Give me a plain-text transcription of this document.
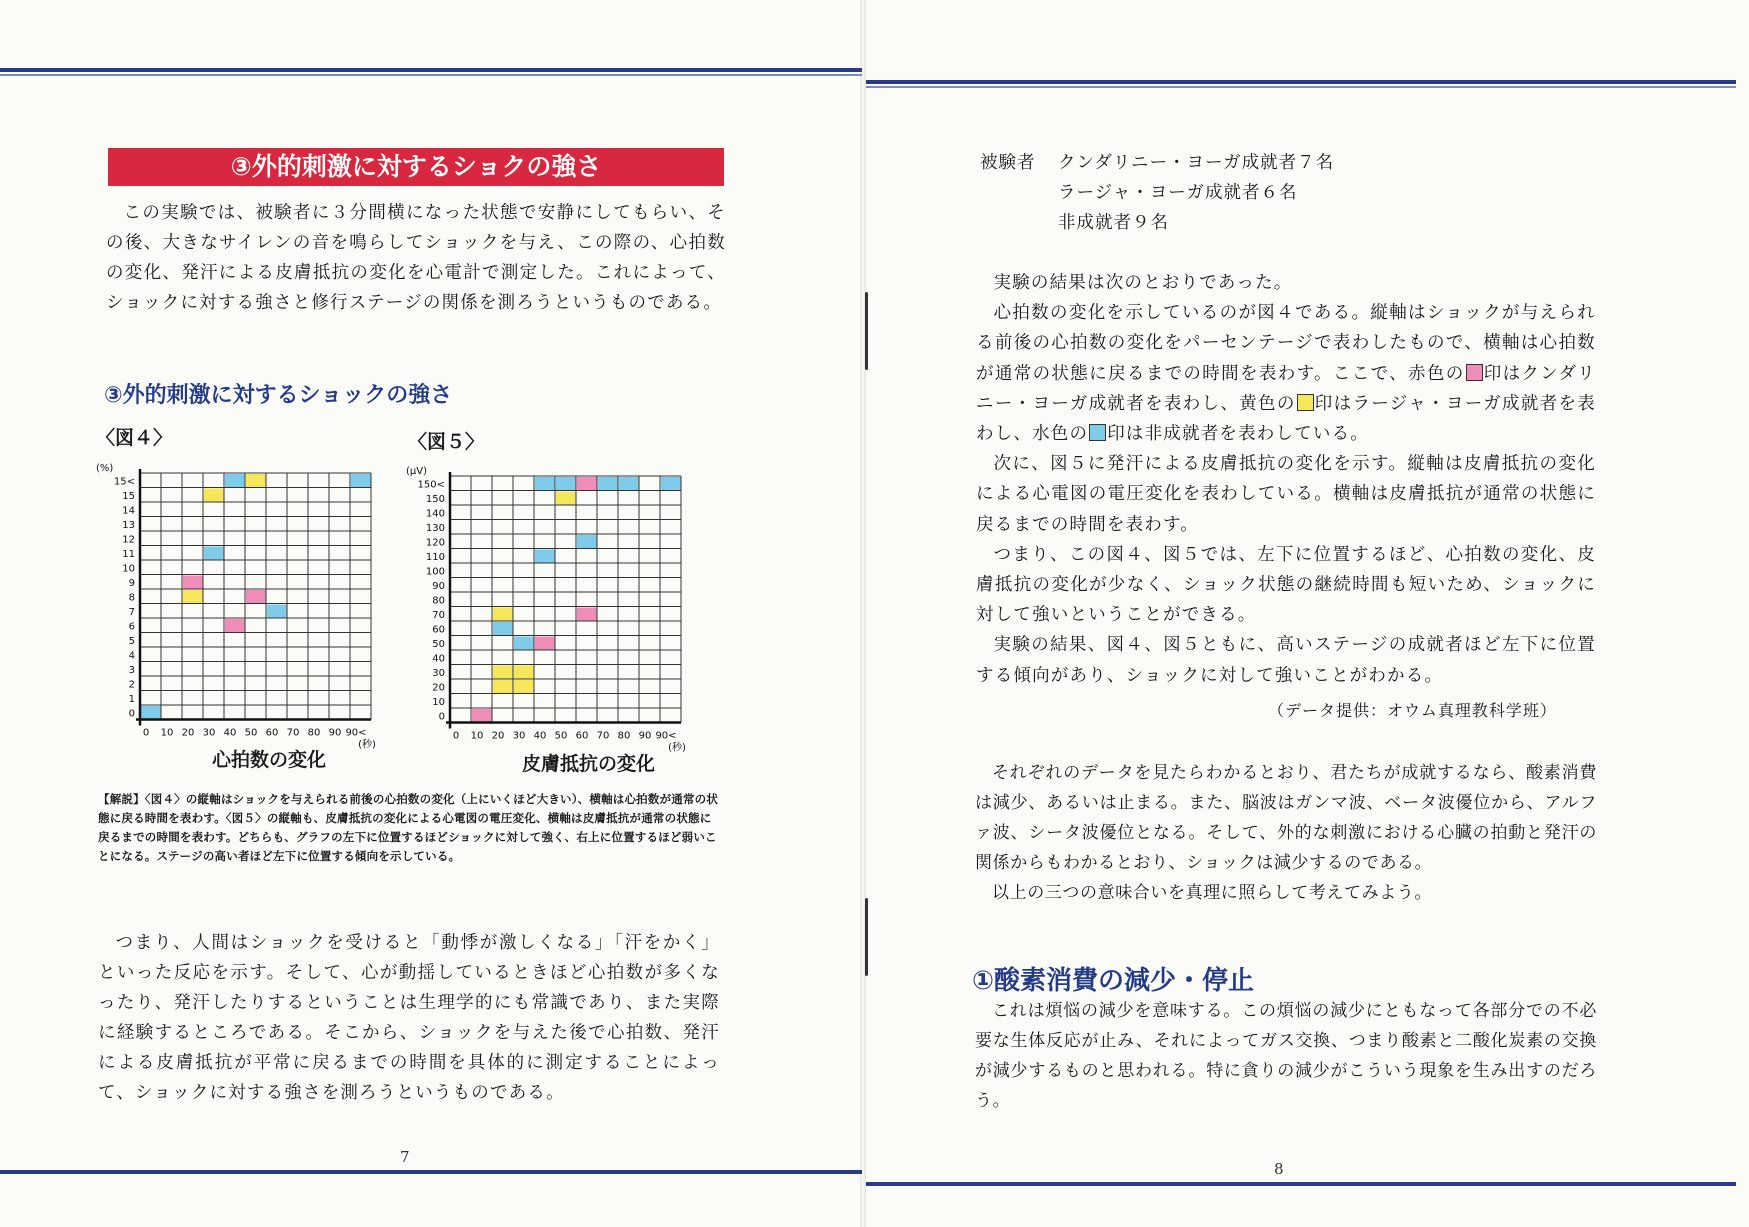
③外的刺激に対するショクの強さ

この実験では、被験者に３分間横になった状態で安静にしてもらい、その後、大きなサイレンの音を鳴らしてショックを与え、この際の、心拍数の変化、発汗による皮膚抵抗の変化を心電計で測定した。これによって、ショックに対する強さと修行ステージの関係を測ろうというものである。

③外的刺激に対するショックの強さ
〈図４〉	〈図５〉
0
1
2
3
4
5
6
7
8
9
10
11
12
13
14
15
15<
0 10 20 30 40 50 60 70 80 90 90<
(%)
(秒)
0
10
20
30
40
50
60
70
80
90
100
110
120
130
140
150
150<
0 10 20 30 40 50 60 70 80 90 90<
(μV)
(秒)
心拍数の変化	皮膚抵抗の変化
【解説】〈図４〉の縦軸はショックを与えられる前後の心拍数の変化（上にいくほど大きい）、横軸は心拍数が通常の状態に戻る時間を表わす。〈図５〉の縦軸も、皮膚抵抗の変化による心電図の電圧変化、横軸は皮膚抵抗が通常の状態に戻るまでの時間を表わす。どちらも、グラフの左下に位置するほどショックに対して強く、右上に位置するほど弱いことになる。ステージの高い者ほど左下に位置する傾向を示している。

つまり、人間はショックを受けると「動悸が激しくなる」「汗をかく」といった反応を示す。そして、心が動揺しているときほど心拍数が多くなったり、発汗したりするということは生理学的にも常識であり、また実際に経験するところである。そこから、ショックを与えた後で心拍数、発汗による皮膚抵抗が平常に戻るまでの時間を具体的に測定することによって、ショックに対する強さを測ろうというものである。

7
被験者	クンダリニー・ヨーガ成就者７名
ラージャ・ヨーガ成就者６名
非成就者９名

実験の結果は次のとおりであった。

心拍数の変化を示しているのが図４である。縦軸はショックが与えられる前後の心拍数の変化をパーセンテージで表わしたもので、横軸は心拍数が通常の状態に戻るまでの時間を表わす。ここで、赤色の 印はクンダリニー・ヨーガ成就者を表わし、黄色の 印はラージャ・ヨーガ成就者を表わし、水色の 印は非成就者を表わしている。

次に、図５に発汗による皮膚抵抗の変化を示す。縦軸は皮膚抵抗の変化による心電図の電圧変化を表わしている。横軸は皮膚抵抗が通常の状態に戻るまでの時間を表わす。

つまり、この図４、図５では、左下に位置するほど、心拍数の変化、皮膚抵抗の変化が少なく、ショック状態の継続時間も短いため、ショックに対して強いということができる。

実験の結果、図４、図５ともに、高いステージの成就者ほど左下に位置する傾向があり、ショックに対して強いことがわかる。

（データ提供：オウム真理教科学班）

それぞれのデータを見たらわかるとおり、君たちが成就するなら、酸素消費は減少、あるいは止まる。また、脳波はガンマ波、ベータ波優位から、アルファ波、シータ波優位となる。そして、外的な刺激における心臓の拍動と発汗の関係からもわかるとおり、ショックは減少するのである。

以上の三つの意味合いを真理に照らして考えてみよう。

①酸素消費の減少・停止

これは煩悩の減少を意味する。この煩悩の減少にともなって各部分での不必要な生体反応が止み、それによってガス交換、つまり酸素と二酸化炭素の交換が減少するものと思われる。特に貪りの減少がこういう現象を生み出すのだろう。

8
